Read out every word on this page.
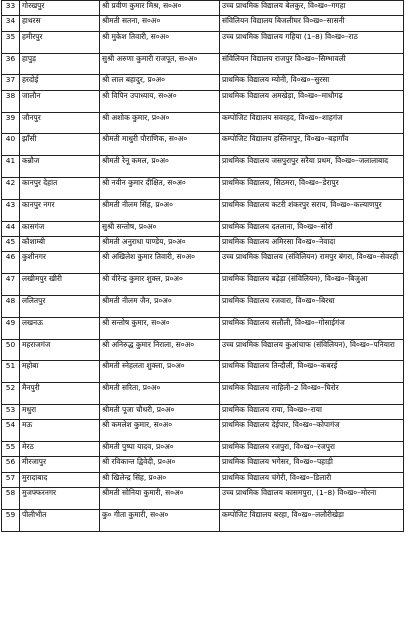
33	गोरखपुर	श्री प्रवीण कुमार मिश्र, स०अ०	उच्च प्राथमिक विद्यालय बेलकुर, वि०ख०–गगहा
34	हाथरस	श्रीमती सतना, स०अ०	संविलियन विद्यालय बिजलीघर वि०ख०–सासनी
35	हमीरपुर	श्री मुकेश तिवारी, स०अ०	उच्च प्राथमिक विद्यालय गहिया (1–8) वि०ख०–राठ
36	हापुड़	सुश्री अरुणा कुमारी राजपूत, स०अ०	संविलियन विद्यालय राजपुर वि०ख०–सिम्भावली
37	हरदोई	श्री लाल बहादुर, प्र०अ०	प्राथमिक विद्यालय म्योनी, वि०ख०–सुरसा
38	जालौन	श्री विपिन उपाध्याय, स०अ०	प्राथमिक विद्यालय अमखेड़ा, वि०ख०–माधौगढ़
39	जौनपुर	श्री अशोक कुमार, प्र०अ०	कम्पोजिट विद्यालय सवरहद, वि०ख०–शाहगंज
40	झाँसी	श्रीमती माधुरी पौराणिक, स०अ०	कम्पोजिट विद्यालय हस्तिनापुर, वि०ख०–बड़ागाँव
41	कन्नौज	श्रीमती रेनू कमल, प्र०अ०	प्राथमिक विद्यालय जसपुरापुर सरैया प्रथम, वि०ख०–जलालाबाद
42	कानपुर देहात	श्री नवीन कुमार दीक्षित, स०अ०	प्राथमिक विद्यालय, सिठमरा, वि०ख०–डेरापुर
43	कानपुर नगर	श्रीमती नीलम सिंह, प्र०अ०	प्राथमिक विद्यालय कटरी शंकरपुर सराय, वि०ख०–कल्याणपुर
44	कासगंज	सुश्री सन्तोष, प्र०अ०	प्राथमिक विद्यालय दतलाना, वि०ख०–सोरों
45	कौशाम्बी	श्रीमती अनुराधा पाण्डेय, प्र०अ०	प्राथमिक विद्यालय अमिरसा वि०ख०–नेवादा
46	कुशीनगर	श्री अखिलेश कुमार तिवारी, स०अ०	उच्च प्राथमिक विद्यालय (संविलियन) रामपुर बंगरा, वि०ख०–सेवरही
47	लखीमपुर खीरी	श्री वीरेन्द्र कुमार शुक्ल, प्र०अ०	प्राथमिक विद्यालय बढ़ेड़ा (संविलियन), वि०ख०–बिजुआ
48	ललितपुर	श्रीमती नीलम जैन, प्र०अ०	प्राथमिक विद्यालय रजवारा, वि०ख०–बिरधा
49	लखनऊ	श्री सन्तोष कुमार, स०अ०	प्राथमिक विद्यालय सलौली, वि०ख०–गोसाईगंज
50	महराजगंज	श्री अनिरुद्ध कुमार निराला, स०अ०	उच्च प्राथमिक विद्यालय कुआंचाफ (संविलियन), वि०ख०–पनियारा
51	महोबा	श्रीमती स्नेहलता शुक्ला, प्र०अ०	प्राथमिक विद्यालय तिन्दौली, वि०ख०–कबरई
52	मैनपुरी	श्रीमती सरिता, प्र०अ०	प्राथमिक विद्यालय नाहिली–2 वि०ख०–घिरोर
53	मथुरा	श्रीमती पूजा चौधरी, प्र०अ०	प्राथमिक विद्यालय राया, वि०ख०–राया
54	मऊ	श्री कमलेश कुमार, स०अ०	प्राथमिक विद्यालय देईपार, वि०ख०–कोपागंज
55	मेरठ	श्रीमती पुष्पा यादव, प्र०अ०	प्राथमिक विद्यालय रजपुरा, वि०ख०–रजपुरा
56	मीरजापुर	श्री रविकान्त द्विवेदी, प्र०अ०	प्राथमिक विद्यालय भगेसर, वि०ख०–पहाड़ी
57	मुरादाबाद	श्री खिलेन्द्र सिंह, प्र०अ०	प्राथमिक विद्यालय चंगेरी, वि०ख०–डिलारी
58	मुजफ्फरनगर	श्रीमती सोनिया कुमारी, स०अ०	उच्च प्राथमिक विद्यालय कासमपुरा, (1–8) वि०ख०–मोरना
59	पीलीभीत	कु० गीता कुमारी, स०अ०	कम्पोजिट विद्यालय बरहा, वि०ख०–ललौरीखेड़ा
